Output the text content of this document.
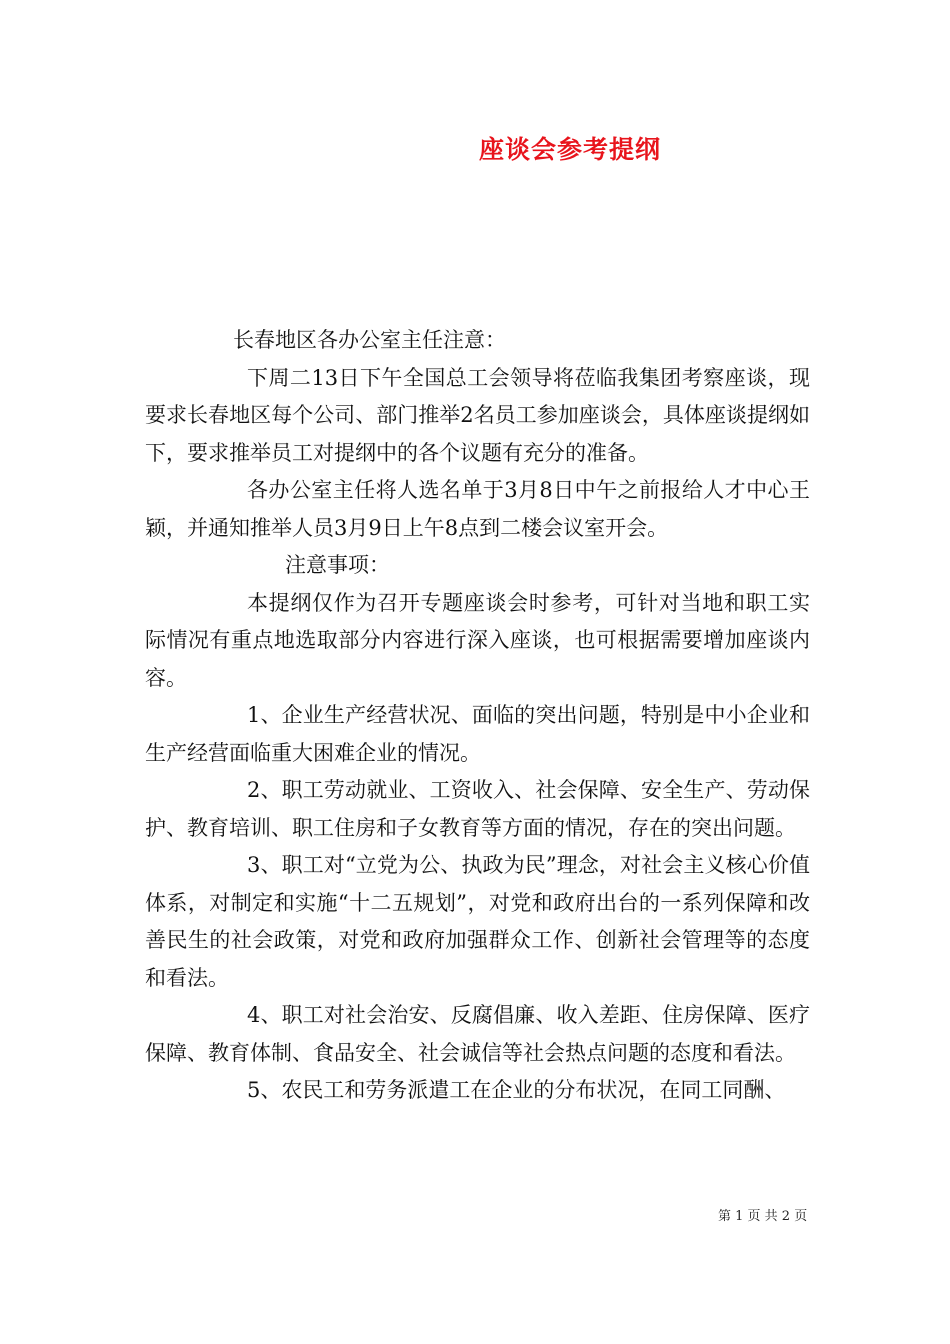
座谈会参考提纲

长春地区各办公室主任注意：

下周二13日下午全国总工会领导将莅临我集团考察座谈，现要求长春地区每个公司、部门推举2名员工参加座谈会，具体座谈提纲如下，要求推举员工对提纲中的各个议题有充分的准备。

各办公室主任将人选名单于3月8日中午之前报给人才中心王颖，并通知推举人员3月9日上午8点到二楼会议室开会。

注意事项：

本提纲仅作为召开专题座谈会时参考，可针对当地和职工实际情况有重点地选取部分内容进行深入座谈，也可根据需要增加座谈内容。

1、企业生产经营状况、面临的突出问题，特别是中小企业和生产经营面临重大困难企业的情况。

2、职工劳动就业、工资收入、社会保障、安全生产、劳动保护、教育培训、职工住房和子女教育等方面的情况，存在的突出问题。

3、职工对“立党为公、执政为民”理念，对社会主义核心价值体系，对制定和实施“十二五规划”，对党和政府出台的一系列保障和改善民生的社会政策，对党和政府加强群众工作、创新社会管理等的态度和看法。

4、职工对社会治安、反腐倡廉、收入差距、住房保障、医疗保障、教育体制、食品安全、社会诚信等社会热点问题的态度和看法。

5、农民工和劳务派遣工在企业的分布状况，在同工同酬、

第 1 页 共 2 页
